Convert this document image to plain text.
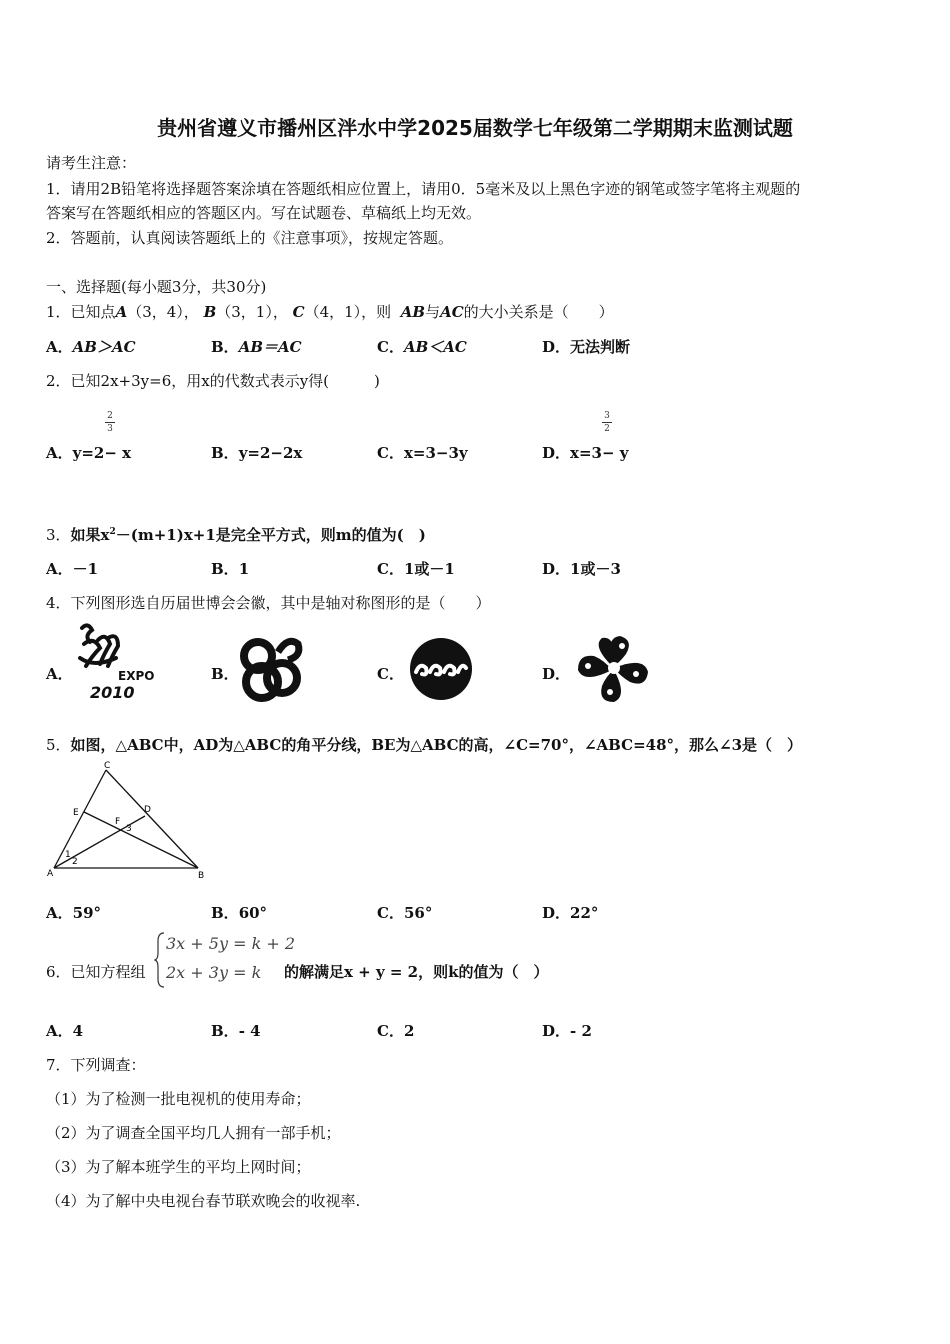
贵州省遵义市播州区泮水中学2025届数学七年级第二学期期末监测试题
请考生注意：
1．请用2B铅笔将选择题答案涂填在答题纸相应位置上，请用0．5毫米及以上黑色字迹的钢笔或签字笔将主观题的
答案写在答题纸相应的答题区内。写在试题卷、草稿纸上均无效。
2．答题前，认真阅读答题纸上的《注意事项》，按规定答题。
一、选择题(每小题3分，共30分)
1．已知点A（3，4）， B（3，1）， C（4，1），则 AB与AC的大小关系是（　　）
A．AB＞AC	B．AB＝AC	C．AB＜AC	D．无法判断
2．已知2x+3y=6，用x的代数式表示y得(　　　)
2
3
3
2
A．y=2− x	B．y=2−2x	C．x=3−3y	D．x=3− y
3．如果$x^2-(m+1)x+1$是完全平方式，则m的值为(　)
A．－1	B．1	C．1或－1	D．1或－3
4．下列图形选自历届世博会会徽，其中是轴对称图形的是（　　）
A．	EXPO
2010
B．	C．	D．
5．如图，△ABC中，AD为△ABC的角平分线，BE为△ABC的高，∠C=70°，∠ABC=48°，那么∠3是（　）
C
E	D
F
3
1
2
A	B
A．59°	B．60°	C．56°	D．22°
6．已知方程组
3x + 5y = k + 2
2x + 3y = k 的解满足x + y = 2，则k的值为（　）
A．4	B．- 4	C．2	D．- 2
7．下列调查：
（1）为了检测一批电视机的使用寿命；
（2）为了调查全国平均几人拥有一部手机；
（3）为了解本班学生的平均上网时间；
（4）为了解中央电视台春节联欢晚会的收视率.
